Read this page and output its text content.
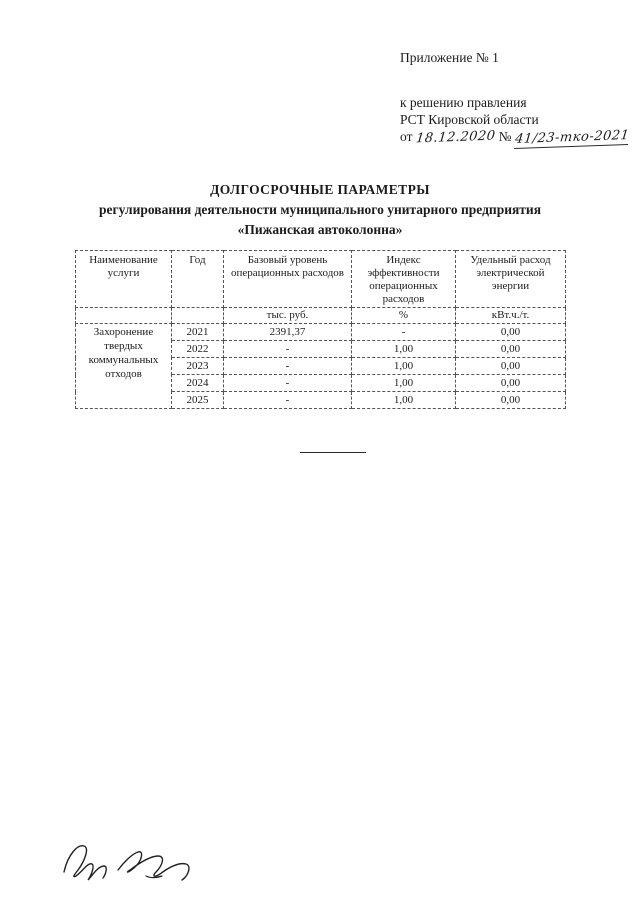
Приложение № 1
к решению правления
РСТ Кировской области
от 18.12.2020 № 41/23-тко-2021
ДОЛГОСРОЧНЫЕ ПАРАМЕТРЫ
регулирования деятельности муниципального унитарного предприятия
«Пижанская автоколонна»
Наименование услуги	Год	Базовый уровень операционных расходов	Индекс эффективности операционных расходов	Удельный расход электрической энергии
		тыс. руб.	%	кВт.ч./т.
Захоронение твердых коммунальных отходов	2021	2391,37	-	0,00
	2022	-	1,00	0,00
	2023	-	1,00	0,00
	2024	-	1,00	0,00
	2025	-	1,00	0,00
